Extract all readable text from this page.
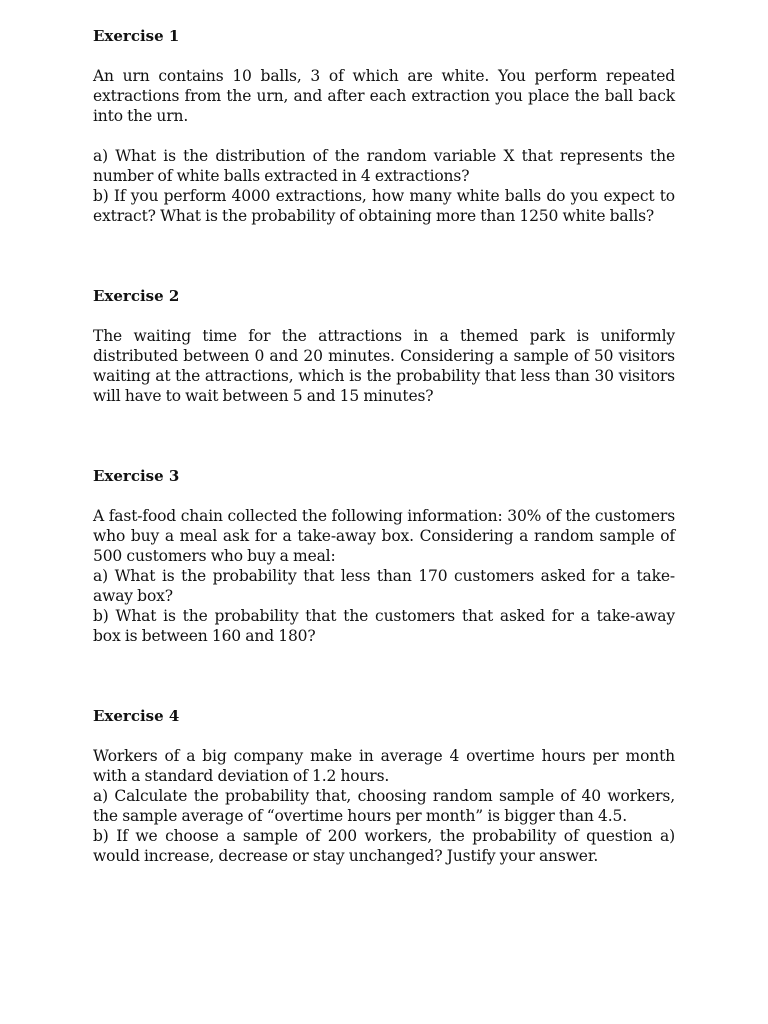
Exercise 1

An urn contains 10 balls, 3 of which are white. You perform repeated extractions from the urn, and after each extraction you place the ball back into the urn.

a) What is the distribution of the random variable X that represents the number of white balls extracted in 4 extractions?

b) If you perform 4000 extractions, how many white balls do you expect to extract? What is the probability of obtaining more than 1250 white balls?

Exercise 2

The waiting time for the attractions in a themed park is uniformly distributed between 0 and 20 minutes. Considering a sample of 50 visitors waiting at the attractions, which is the probability that less than 30 visitors will have to wait between 5 and 15 minutes?

Exercise 3

A fast-food chain collected the following information: 30% of the customers who buy a meal ask for a take-away box. Considering a random sample of 500 customers who buy a meal:

a) What is the probability that less than 170 customers asked for a take-away box?

b) What is the probability that the customers that asked for a take-away box is between 160 and 180?

Exercise 4

Workers of a big company make in average 4 overtime hours per month with a standard deviation of 1.2 hours.

a) Calculate the probability that, choosing random sample of 40 workers, the sample average of “overtime hours per month” is bigger than 4.5.

b) If we choose a sample of 200 workers, the probability of question a) would increase, decrease or stay unchanged? Justify your answer.
